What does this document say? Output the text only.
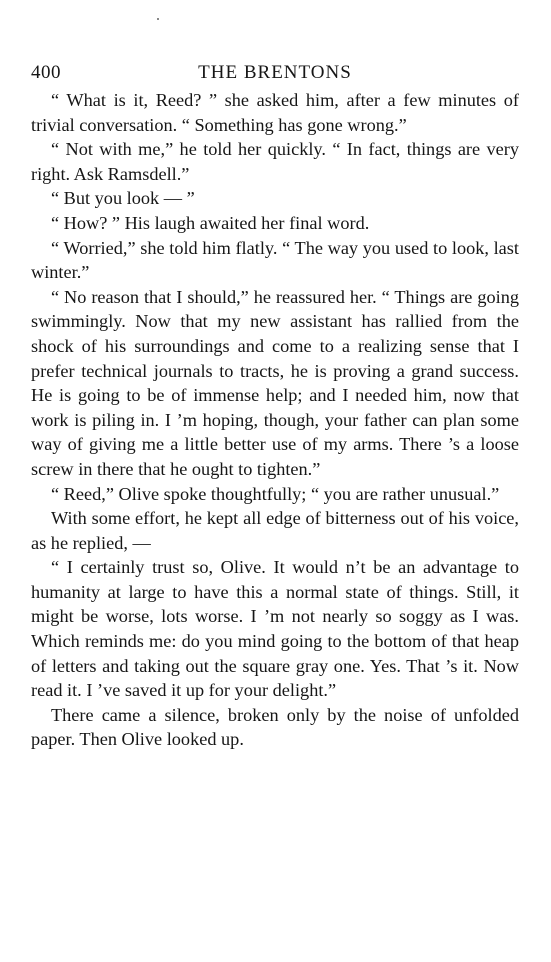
400	THE BRENTONS

“ What is it, Reed? ” she asked him, after a few minutes of trivial conversation. “ Something has gone wrong.”

“ Not with me,” he told her quickly. “ In fact, things are very right. Ask Ramsdell.”

“ But you look — ”

“ How? ” His laugh awaited her final word.

“ Worried,” she told him flatly. “ The way you used to look, last winter.”

“ No reason that I should,” he reassured her. “ Things are going swimmingly. Now that my new assistant has rallied from the shock of his surroundings and come to a realizing sense that I prefer technical journals to tracts, he is proving a grand success. He is going to be of immense help; and I needed him, now that work is piling in. I ’m hoping, though, your father can plan some way of giving me a little better use of my arms. There ’s a loose screw in there that he ought to tighten.”

“ Reed,” Olive spoke thoughtfully; “ you are rather unusual.”

With some effort, he kept all edge of bitterness out of his voice, as he replied, —

“ I certainly trust so, Olive. It would n’t be an advantage to humanity at large to have this a normal state of things. Still, it might be worse, lots worse. I ’m not nearly so soggy as I was. Which reminds me: do you mind going to the bottom of that heap of letters and taking out the square gray one. Yes. That ’s it. Now read it. I ’ve saved it up for your delight.”

There came a silence, broken only by the noise of unfolded paper. Then Olive looked up.
